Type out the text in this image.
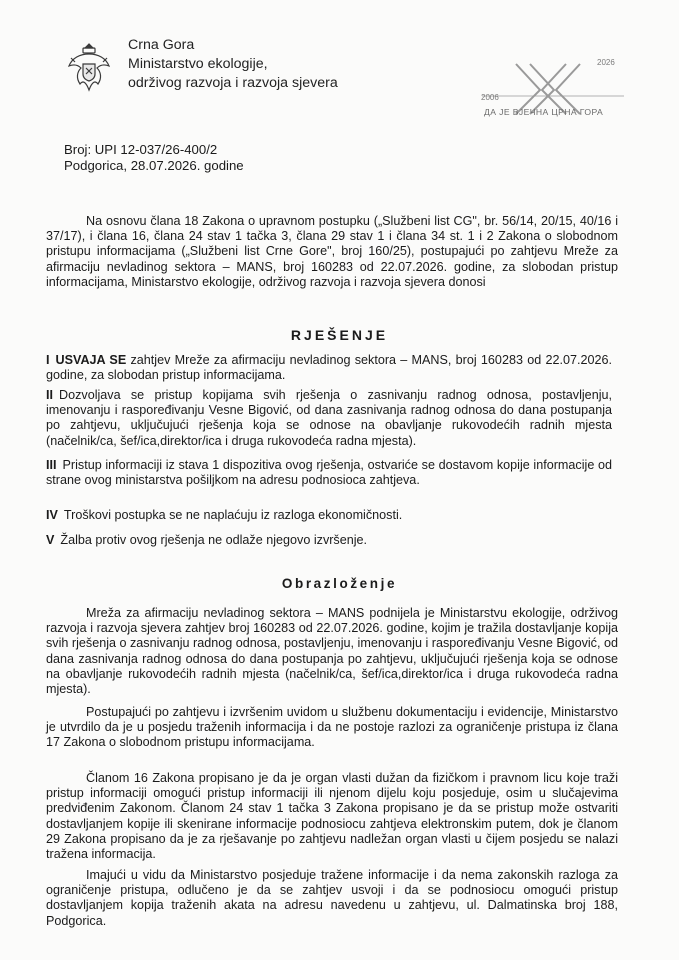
Crna Gora
Ministarstvo ekologije,
održivog razvoja i razvoja sjevera
2006
2026
ДА ЈЕ ВЈЕЧНА ЦРНА ГОРА
Broj: UPI 12-037/26-400/2
Podgorica, 28.07.2026. godine
Na osnovu člana 18 Zakona o upravnom postupku („Službeni list CG", br. 56/14, 20/15, 40/16 i 37/17), i člana 16, člana 24 stav 1 tačka 3, člana 29 stav 1 i člana 34 st. 1 i 2 Zakona o slobodnom pristupu informacijama („Službeni list Crne Gore", broj 160/25), postupajući po zahtjevu Mreže za afirmaciju nevladinog sektora – MANS, broj 160283 od 22.07.2026. godine, za slobodan pristup informacijama, Ministarstvo ekologije, održivog razvoja i razvoja sjevera donosi
RJEŠENJE
I USVAJA SE zahtjev Mreže za afirmaciju nevladinog sektora – MANS, broj 160283 od 22.07.2026. godine, za slobodan pristup informacijama.
II Dozvoljava se pristup kopijama svih rješenja o zasnivanju radnog odnosa, postavljenju, imenovanju i raspoređivanju Vesne Bigović, od dana zasnivanja radnog odnosa do dana postupanja po zahtjevu, uključujući rješenja koja se odnose na obavljanje rukovodećih radnih mjesta (načelnik/ca, šef/ica,direktor/ica i druga rukovodeća radna mjesta).
III Pristup informaciji iz stava 1 dispozitiva ovog rješenja, ostvariće se dostavom kopije informacije od strane ovog ministarstva pošiljkom na adresu podnosioca zahtjeva.
IV Troškovi postupka se ne naplaćuju iz razloga ekonomičnosti.
V Žalba protiv ovog rješenja ne odlaže njegovo izvršenje.
Obrazloženje
Mreža za afirmaciju nevladinog sektora – MANS podnijela je Ministarstvu ekologije, održivog razvoja i razvoja sjevera zahtjev broj 160283 od 22.07.2026. godine, kojim je tražila dostavljanje kopija svih rješenja o zasnivanju radnog odnosa, postavljenju, imenovanju i raspoređivanju Vesne Bigović, od dana zasnivanja radnog odnosa do dana postupanja po zahtjevu, uključujući rješenja koja se odnose na obavljanje rukovodećih radnih mjesta (načelnik/ca, šef/ica,direktor/ica i druga rukovodeća radna mjesta).
Postupajući po zahtjevu i izvršenim uvidom u službenu dokumentaciju i evidencije, Ministarstvo je utvrdilo da je u posjedu traženih informacija i da ne postoje razlozi za ograničenje pristupa iz člana 17 Zakona o slobodnom pristupu informacijama.
Članom 16 Zakona propisano je da je organ vlasti dužan da fizičkom i pravnom licu koje traži pristup informaciji omogući pristup informaciji ili njenom dijelu koju posjeduje, osim u slučajevima predviđenim Zakonom. Članom 24 stav 1 tačka 3 Zakona propisano je da se pristup može ostvariti dostavljanjem kopije ili skenirane informacije podnosiocu zahtjeva elektronskim putem, dok je članom 29 Zakona propisano da je za rješavanje po zahtjevu nadležan organ vlasti u čijem posjedu se nalazi tražena informacija.
Imajući u vidu da Ministarstvo posjeduje tražene informacije i da nema zakonskih razloga za ograničenje pristupa, odlučeno je da se zahtjev usvoji i da se podnosiocu omogući pristup dostavljanjem kopija traženih akata na adresu navedenu u zahtjevu, ul. Dalmatinska broj 188, Podgorica.
